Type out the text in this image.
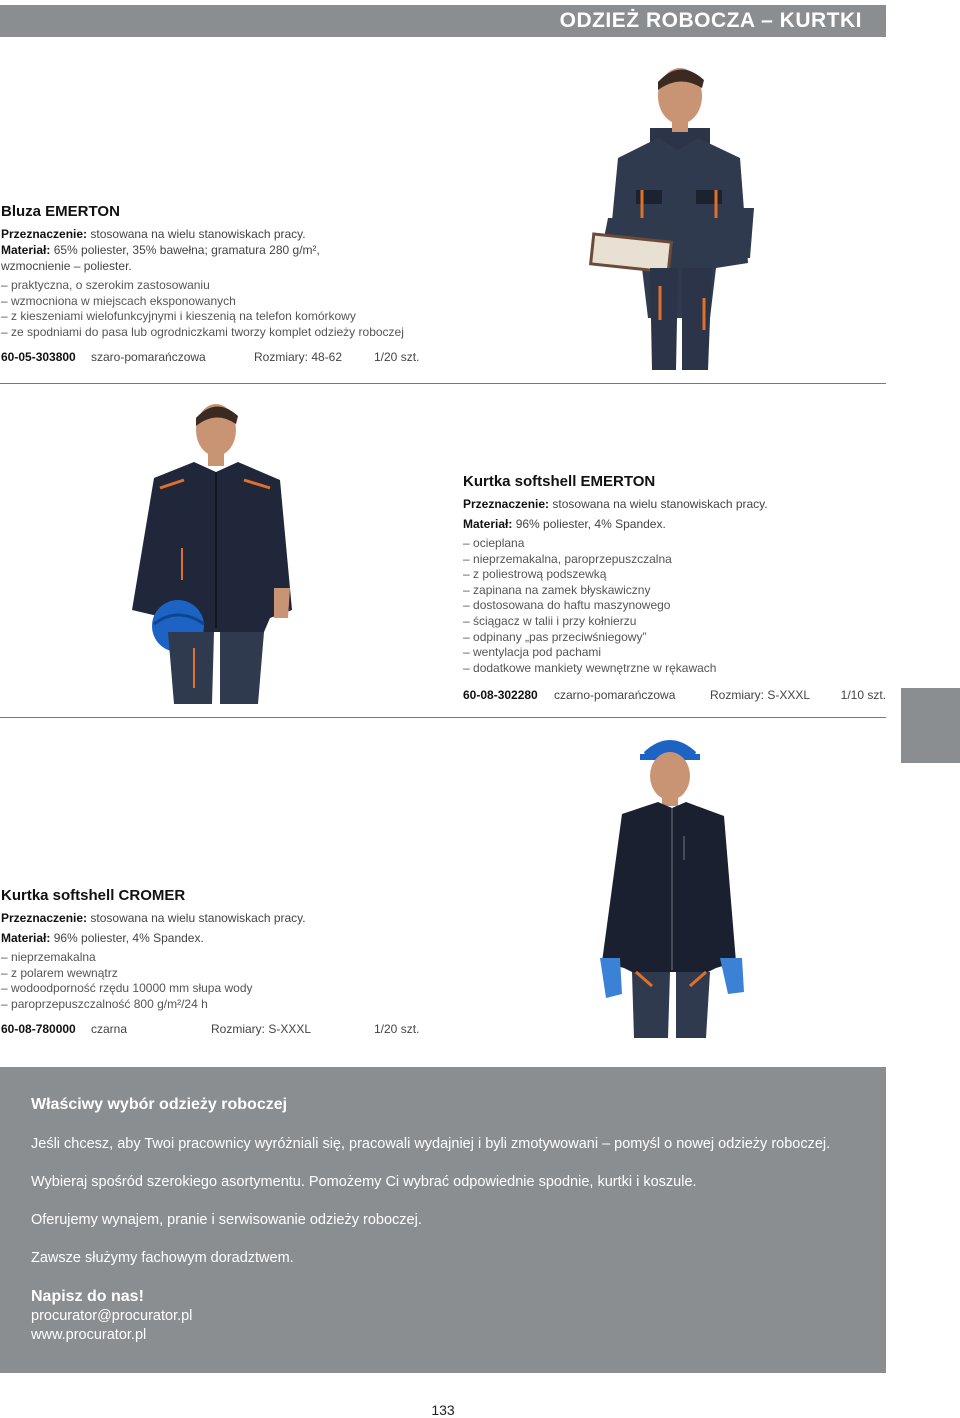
ODZIEŻ ROBOCZA – KURTKI
Bluza EMERTON
Przeznaczenie: stosowana na wielu stanowiskach pracy.
Materiał: 65% poliester, 35% bawełna; gramatura 280 g/m², wzmocnienie – poliester.
– praktyczna, o szerokim zastosowaniu
– wzmocniona w miejscach eksponowanych
– z kieszeniami wielofunkcyjnymi i kieszenią na telefon komórkowy
– ze spodniami do pasa lub ogrodniczkami tworzy komplet odzieży roboczej
60-05-303800 szaro-pomarańczowa	Rozmiary: 48-62	1/20 szt.
Kurtka softshell EMERTON
Przeznaczenie: stosowana na wielu stanowiskach pracy.
Materiał: 96% poliester, 4% Spandex.
– ocieplana
– nieprzemakalna, paroprzepuszczalna
– z poliestrową podszewką
– zapinana na zamek błyskawiczny
– dostosowana do haftu maszynowego
– ściągacz w talii i przy kołnierzu
– odpinany „pas przeciwśniegowy”
– wentylacja pod pachami
– dodatkowe mankiety wewnętrzne w rękawach
60-08-302280 czarno-pomarańczowa	Rozmiary: S-XXXL	1/10 szt.
Kurtka softshell CROMER
Przeznaczenie: stosowana na wielu stanowiskach pracy.
Materiał: 96% poliester, 4% Spandex.
– nieprzemakalna
– z polarem wewnątrz
– wodoodporność rzędu 10000 mm słupa wody
– paroprzepuszczalność 800 g/m²/24 h
60-08-780000 czarna	Rozmiary: S-XXXL	1/20 szt.
Właściwy wybór odzieży roboczej
Jeśli chcesz, aby Twoi pracownicy wyróżniali się, pracowali wydajniej i byli zmotywowani – pomyśl o nowej odzieży roboczej.
Wybieraj spośród szerokiego asortymentu. Pomożemy Ci wybrać odpowiednie spodnie, kurtki i koszule.
Oferujemy wynajem, pranie i serwisowanie odzieży roboczej.
Zawsze służymy fachowym doradztwem.
Napisz do nas!
procurator@procurator.pl
www.procurator.pl
133
